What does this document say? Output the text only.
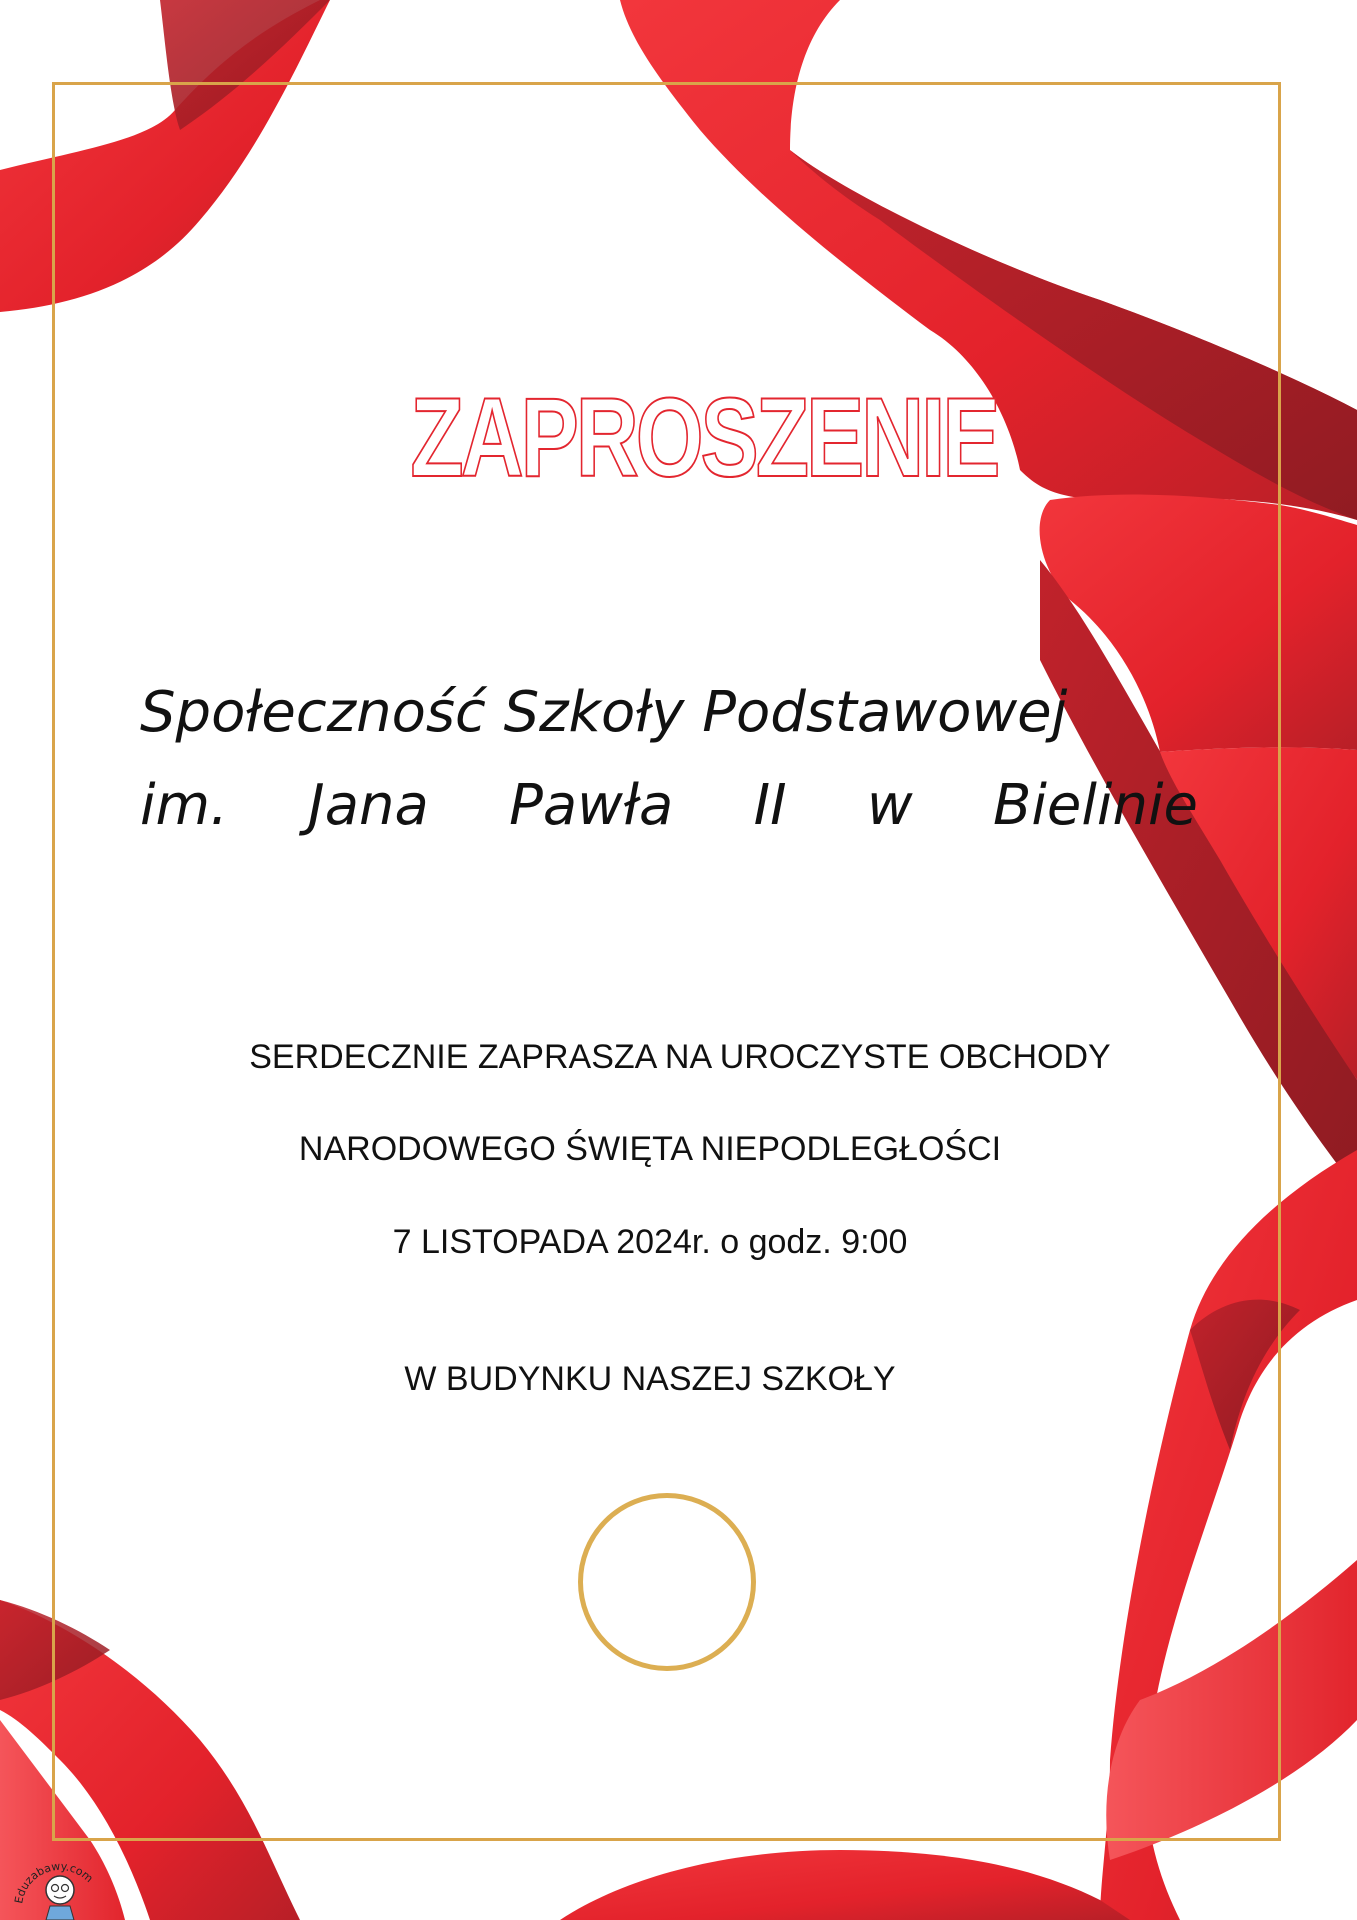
ZAPROSZENIE
Społeczność Szkoły Podstawowej
im. Jana Pawła II w Bielinie
SERDECZNIE ZAPRASZA NA UROCZYSTE OBCHODY
NARODOWEGO ŚWIĘTA NIEPODLEGŁOŚCI
7 LISTOPADA 2024r. o godz. 9:00
W BUDYNKU NASZEJ SZKOŁY
Eduzabawy.com
